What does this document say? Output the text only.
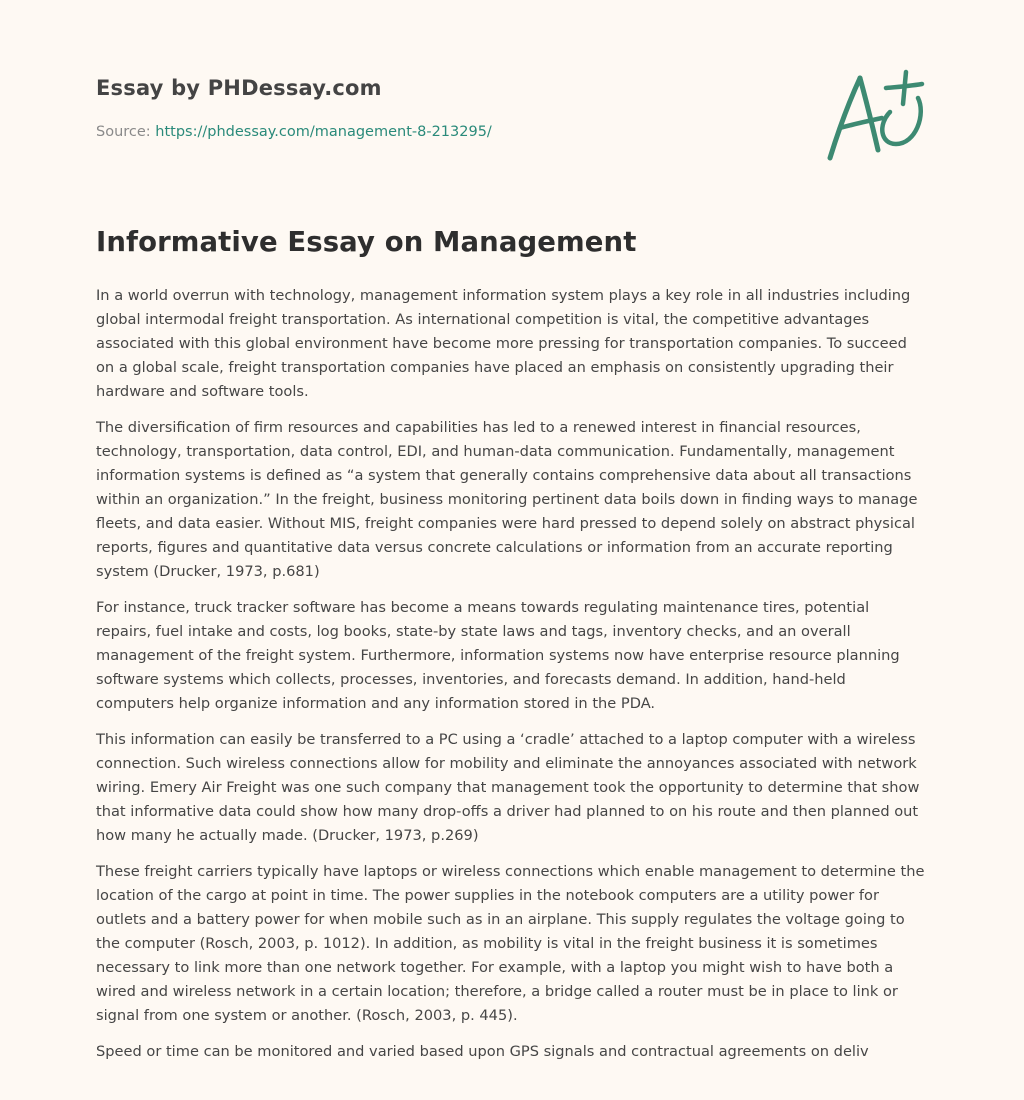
Essay by PHDessay.com
Source: https://phdessay.com/management-8-213295/
Informative Essay on Management

In a world overrun with technology, management information system plays a key role in all industries including global intermodal freight transportation. As international competition is vital, the competitive advantages associated with this global environment have become more pressing for transportation companies. To succeed on a global scale, freight transportation companies have placed an emphasis on consistently upgrading their hardware and software tools.

The diversification of firm resources and capabilities has led to a renewed interest in financial resources, technology, transportation, data control, EDI, and human-data communication. Fundamentally, management information systems is defined as “a system that generally contains comprehensive data about all transactions within an organization.” In the freight, business monitoring pertinent data boils down in finding ways to manage fleets, and data easier. Without MIS, freight companies were hard pressed to depend solely on abstract physical reports, figures and quantitative data versus concrete calculations or information from an accurate reporting system (Drucker, 1973, p.681)

For instance, truck tracker software has become a means towards regulating maintenance tires, potential repairs, fuel intake and costs, log books, state-by state laws and tags, inventory checks, and an overall management of the freight system. Furthermore, information systems now have enterprise resource planning software systems which collects, processes, inventories, and forecasts demand. In addition, hand-held computers help organize information and any information stored in the PDA.

This information can easily be transferred to a PC using a ‘cradle’ attached to a laptop computer with a wireless connection. Such wireless connections allow for mobility and eliminate the annoyances associated with network wiring. Emery Air Freight was one such company that management took the opportunity to determine that show that informative data could show how many drop-offs a driver had planned to on his route and then planned out how many he actually made. (Drucker, 1973, p.269)

These freight carriers typically have laptops or wireless connections which enable management to determine the location of the cargo at point in time. The power supplies in the notebook computers are a utility power for outlets and a battery power for when mobile such as in an airplane. This supply regulates the voltage going to the computer (Rosch, 2003, p. 1012). In addition, as mobility is vital in the freight business it is sometimes necessary to link more than one network together. For example, with a laptop you might wish to have both a wired and wireless network in a certain location; therefore, a bridge called a router must be in place to link or signal from one system or another. (Rosch, 2003, p. 445).

Speed or time can be monitored and varied based upon GPS signals and contractual agreements on deliv
